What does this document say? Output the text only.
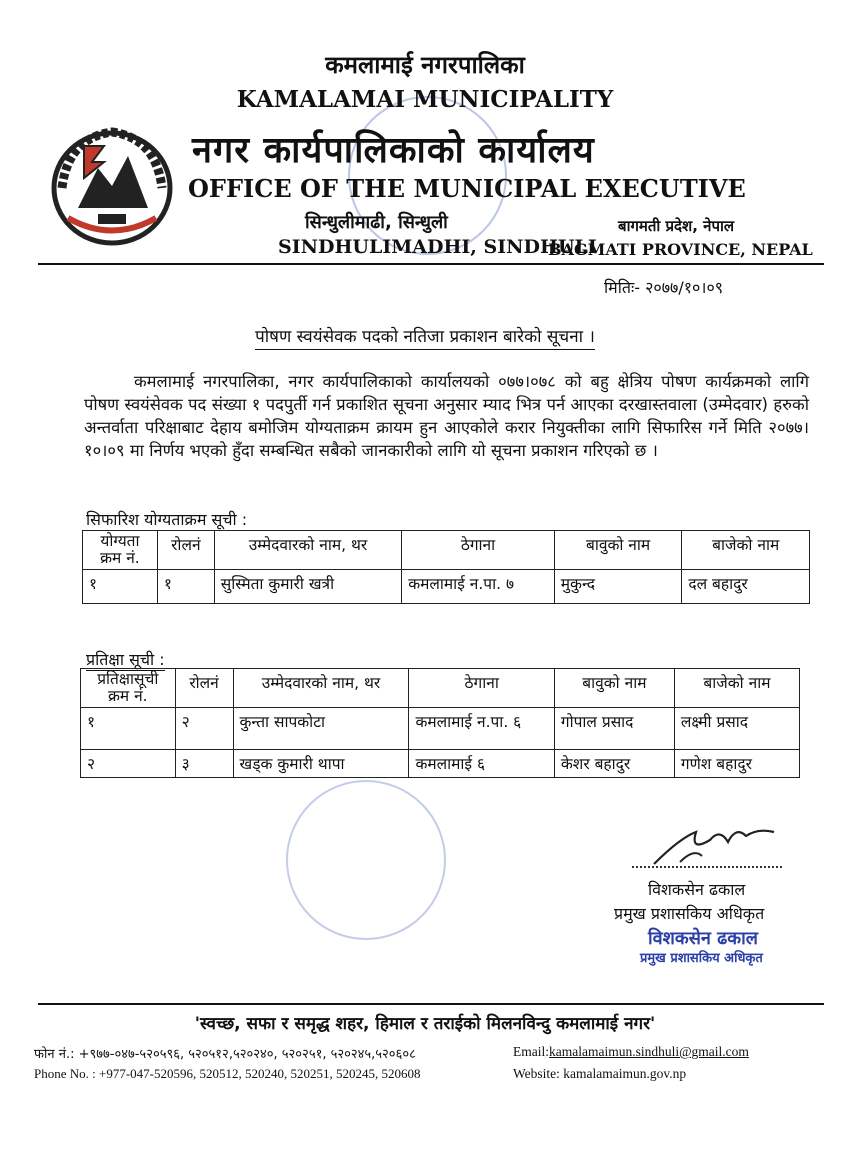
कमलामाई नगरपालिका
KAMALAMAI MUNICIPALITY
नगर कार्यपालिकाको कार्यालय
OFFICE OF THE MUNICIPAL EXECUTIVE
सिन्धुलीमाढी, सिन्धुली
SINDHULIMADHI, SINDHULI
बागमती प्रदेश, नेपाल
BAGMATI PROVINCE, NEPAL
मितिः- २०७७/१०।०९
पोषण स्वयंसेवक पदको नतिजा प्रकाशन बारेको सूचना ।

कमलामाई नगरपालिका, नगर कार्यपालिकाको कार्यालयको ०७७।०७८ को बहु क्षेत्रिय पोषण कार्यक्रमको लागि पोषण स्वयंसेवक पद संख्या १ पदपुर्ती गर्न प्रकाशित सूचना अनुसार म्याद भित्र पर्न आएका दरखास्तवाला (उम्मेदवार) हरुको अन्तर्वाता परिक्षाबाट देहाय बमोजिम योग्यताक्रम क्रायम हुन आएकोले करार नियुक्तीका लागि सिफारिस गर्ने मिति २०७७।१०।०९ मा निर्णय भएको हुँदा सम्बन्धित सबैको जानकारीको लागि यो सूचना प्रकाशन गरिएको छ ।

सिफारिश योग्यताक्रम सूची :
योग्यता क्रम नं.	रोलनं	उम्मेदवारको नाम, थर	ठेगाना	बावुको नाम	बाजेको नाम
१	१	सुस्मिता कुमारी खत्री	कमलामाई न.पा. ७	मुकुन्द	दल बहादुर
प्रतिक्षा सूची :
प्रतिक्षासूची क्रम नं.	रोलनं	उम्मेदवारको नाम, थर	ठेगाना	बावुको नाम	बाजेको नाम
१	२	कुन्ता सापकोटा	कमलामाई न.पा. ६	गोपाल प्रसाद	लक्ष्मी प्रसाद
२	३	खड्क कुमारी थापा	कमलामाई ६	केशर बहादुर	गणेश बहादुर
विशकसेन ढकाल
प्रमुख प्रशासकिय अधिकृत
विशकसेन ढकाल
प्रमुख प्रशासकिय अधिकृत
'स्वच्छ, सफा र समृद्ध शहर, हिमाल र तराईको मिलनविन्दु कमलामाई नगर'
फोन नं.: +९७७-०४७-५२०५९६, ५२०५१२,५२०२४०, ५२०२५१, ५२०२४५,५२०६०८
Phone No. : +977-047-520596, 520512, 520240, 520251, 520245, 520608
Email:kamalamaimun.sindhuli@gmail.com
Website: kamalamaimun.gov.np
